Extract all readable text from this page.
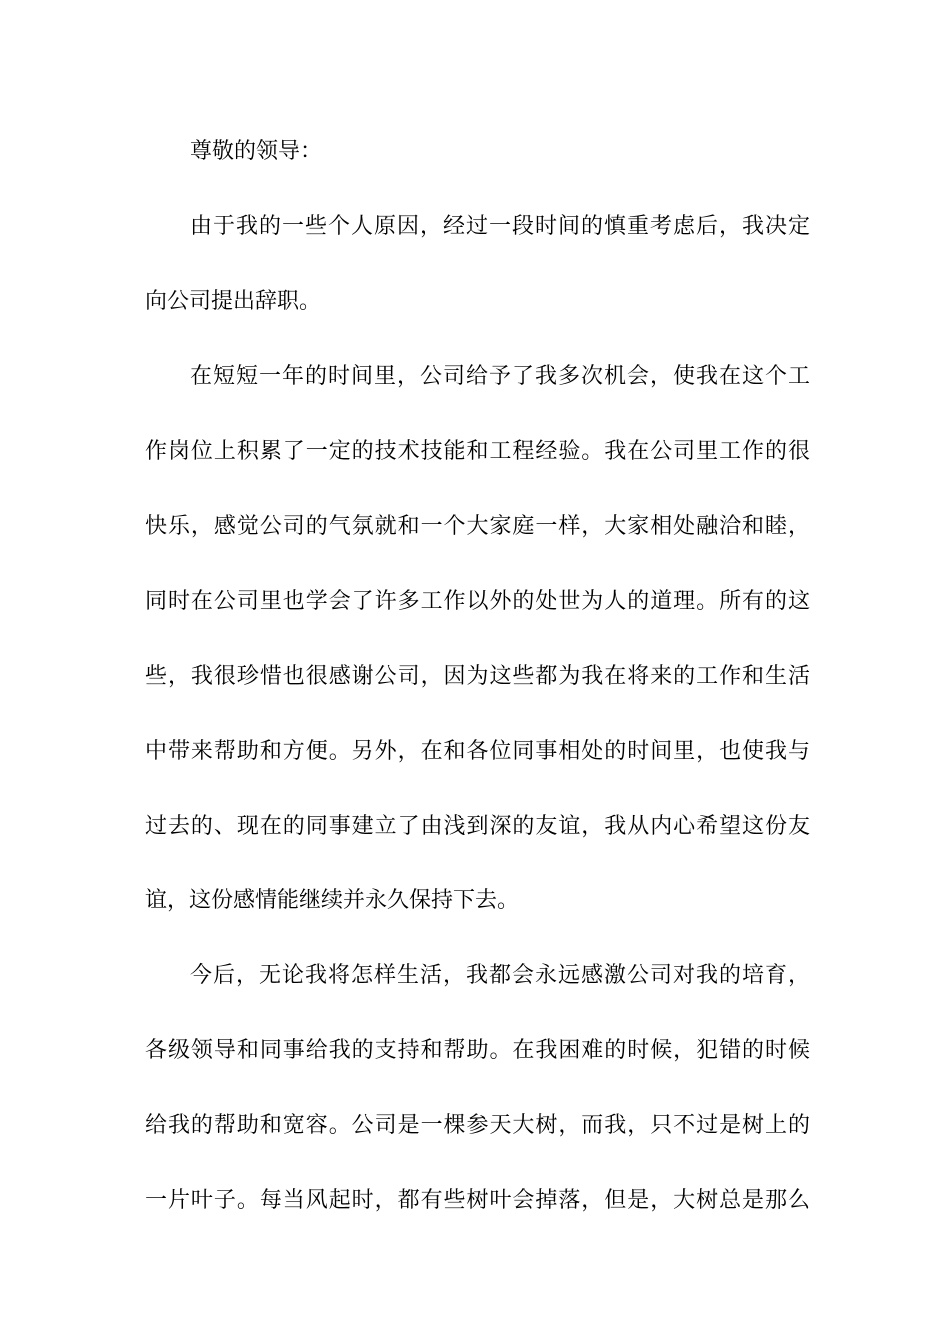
尊敬的领导：
由于我的一些个人原因，经过一段时间的慎重考虑后，我决定
向公司提出辞职。
在短短一年的时间里，公司给予了我多次机会，使我在这个工
作岗位上积累了一定的技术技能和工程经验。我在公司里工作的很
快乐，感觉公司的气氛就和一个大家庭一样，大家相处融洽和睦，
同时在公司里也学会了许多工作以外的处世为人的道理。所有的这
些，我很珍惜也很感谢公司，因为这些都为我在将来的工作和生活
中带来帮助和方便。另外，在和各位同事相处的时间里，也使我与
过去的、现在的同事建立了由浅到深的友谊，我从内心希望这份友
谊，这份感情能继续并永久保持下去。
今后，无论我将怎样生活，我都会永远感激公司对我的培育，
各级领导和同事给我的支持和帮助。在我困难的时候，犯错的时候
给我的帮助和宽容。公司是一棵参天大树，而我，只不过是树上的
一片叶子。每当风起时，都有些树叶会掉落，但是，大树总是那么
